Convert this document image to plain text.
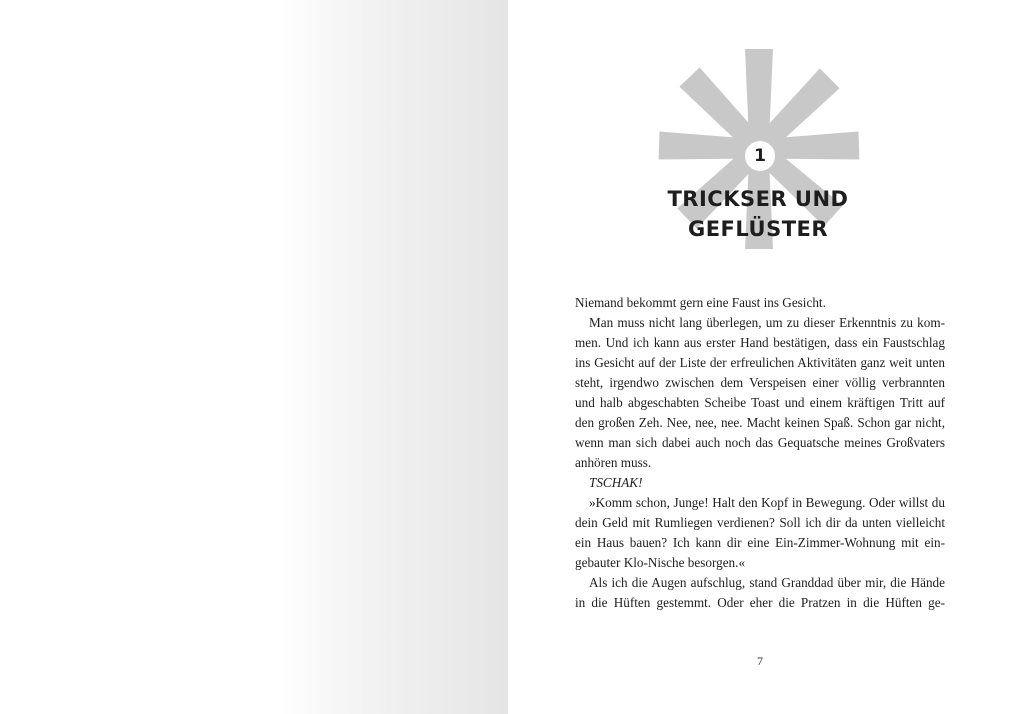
1
TRICKSER UND GEFLÜSTER
Niemand bekommt gern eine Faust ins Gesicht.
Man muss nicht lang überlegen, um zu dieser Erkenntnis zu kom-
men. Und ich kann aus erster Hand bestätigen, dass ein Faustschlag
ins Gesicht auf der Liste der erfreulichen Aktivitäten ganz weit unten
steht, irgendwo zwischen dem Verspeisen einer völlig verbrannten
und halb abgeschabten Scheibe Toast und einem kräftigen Tritt auf
den großen Zeh. Nee, nee, nee. Macht keinen Spaß. Schon gar nicht,
wenn man sich dabei auch noch das Gequatsche meines Großvaters
anhören muss.
TSCHAK!
»Komm schon, Junge! Halt den Kopf in Bewegung. Oder willst du
dein Geld mit Rumliegen verdienen? Soll ich dir da unten vielleicht
ein Haus bauen? Ich kann dir eine Ein-Zimmer-Wohnung mit ein-
gebauter Klo-Nische besorgen.«
Als ich die Augen aufschlug, stand Granddad über mir, die Hände
in die Hüften gestemmt. Oder eher die Pratzen in die Hüften ge-
7
